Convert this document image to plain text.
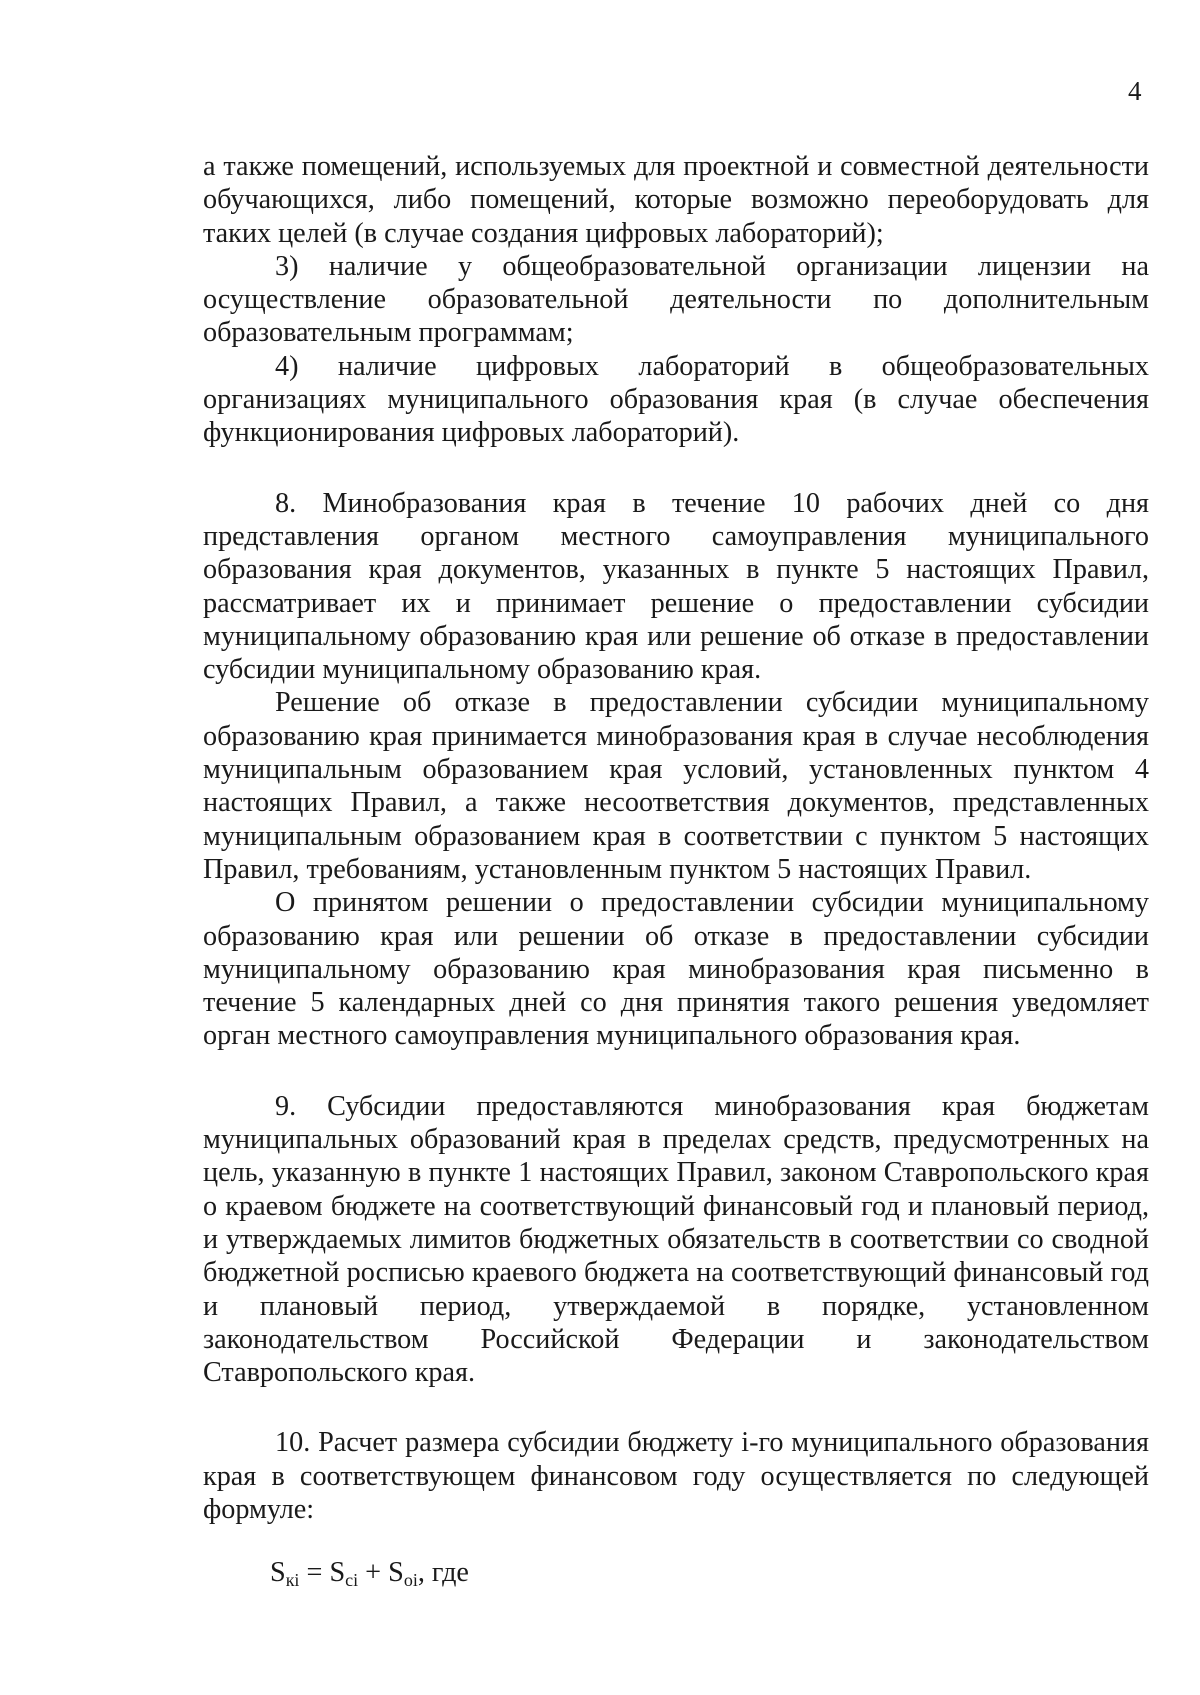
4

а также помещений, используемых для проектной и совместной деятельности обучающихся, либо помещений, которые возможно переоборудовать для таких целей (в случае создания цифровых лабораторий);

3) наличие у общеобразовательной организации лицензии на осуществление образовательной деятельности по дополнительным образовательным программам;

4) наличие цифровых лабораторий в общеобразовательных организациях муниципального образования края (в случае обеспечения функционирования цифровых лабораторий).

8. Минобразования края в течение 10 рабочих дней со дня представления органом местного самоуправления муниципального образования края документов, указанных в пункте 5 настоящих Правил, рассматривает их и принимает решение о предоставлении субсидии муниципальному образованию края или решение об отказе в предоставлении субсидии муниципальному образованию края.

Решение об отказе в предоставлении субсидии муниципальному образованию края принимается минобразования края в случае несоблюдения муниципальным образованием края условий, установленных пунктом 4 настоящих Правил, а также несоответствия документов, представленных муниципальным образованием края в соответствии с пунктом 5 настоящих Правил, требованиям, установленным пунктом 5 настоящих Правил.

О принятом решении о предоставлении субсидии муниципальному образованию края или решении об отказе в предоставлении субсидии муниципальному образованию края минобразования края письменно в течение 5 календарных дней со дня принятия такого решения уведомляет орган местного самоуправления муниципального образования края.

9. Субсидии предоставляются минобразования края бюджетам муниципальных образований края в пределах средств, предусмотренных на цель, указанную в пункте 1 настоящих Правил, законом Ставропольского края о краевом бюджете на соответствующий финансовый год и плановый период, и утверждаемых лимитов бюджетных обязательств в соответствии со сводной бюджетной росписью краевого бюджета на соответствующий финансовый год и плановый период, утверждаемой в порядке, установленном законодательством Российской Федерации и законодательством Ставропольского края.

10. Расчет размера субсидии бюджету i-го муниципального образования края в соответствующем финансовом году осуществляется по следующей формуле:

$S_{кi} = S_{ci} + S_{oi}$, где
